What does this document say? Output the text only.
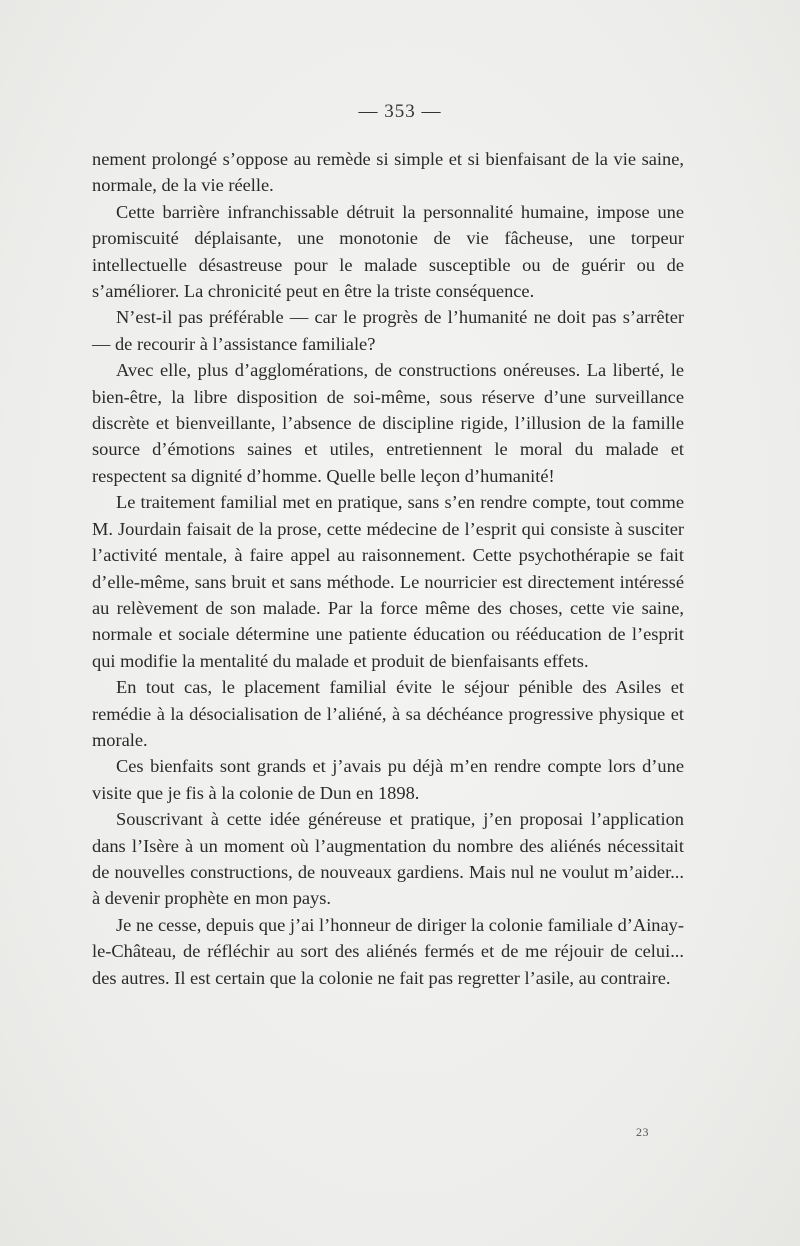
— 353 —

nement prolongé s’oppose au remède si simple et si bienfaisant de la vie saine, normale, de la vie réelle.

Cette barrière infranchissable détruit la personnalité humaine, impose une promiscuité déplaisante, une monotonie de vie fâcheuse, une torpeur intellectuelle désastreuse pour le malade susceptible ou de guérir ou de s’améliorer. La chronicité peut en être la triste conséquence.

N’est-il pas préférable — car le progrès de l’humanité ne doit pas s’arrêter — de recourir à l’assistance familiale?

Avec elle, plus d’agglomérations, de constructions onéreuses. La liberté, le bien-être, la libre disposition de soi-même, sous réserve d’une surveillance discrète et bienveillante, l’absence de discipline rigide, l’illusion de la famille source d’émotions saines et utiles, entretiennent le moral du malade et respectent sa dignité d’homme. Quelle belle leçon d’humanité!

Le traitement familial met en pratique, sans s’en rendre compte, tout comme M. Jourdain faisait de la prose, cette médecine de l’esprit qui consiste à susciter l’activité mentale, à faire appel au raisonnement. Cette psychothérapie se fait d’elle-même, sans bruit et sans méthode. Le nourricier est directement intéressé au relèvement de son malade. Par la force même des choses, cette vie saine, normale et sociale détermine une patiente éducation ou rééducation de l’esprit qui modifie la mentalité du malade et produit de bienfaisants effets.

En tout cas, le placement familial évite le séjour pénible des Asiles et remédie à la désocialisation de l’aliéné, à sa déchéance progressive physique et morale.

Ces bienfaits sont grands et j’avais pu déjà m’en rendre compte lors d’une visite que je fis à la colonie de Dun en 1898.

Souscrivant à cette idée généreuse et pratique, j’en proposai l’application dans l’Isère à un moment où l’augmentation du nombre des aliénés nécessitait de nouvelles constructions, de nouveaux gardiens. Mais nul ne voulut m’aider... à devenir prophète en mon pays.

Je ne cesse, depuis que j’ai l’honneur de diriger la colonie familiale d’Ainay-le-Château, de réfléchir au sort des aliénés fermés et de me réjouir de celui... des autres. Il est certain que la colonie ne fait pas regretter l’asile, au contraire.

23
